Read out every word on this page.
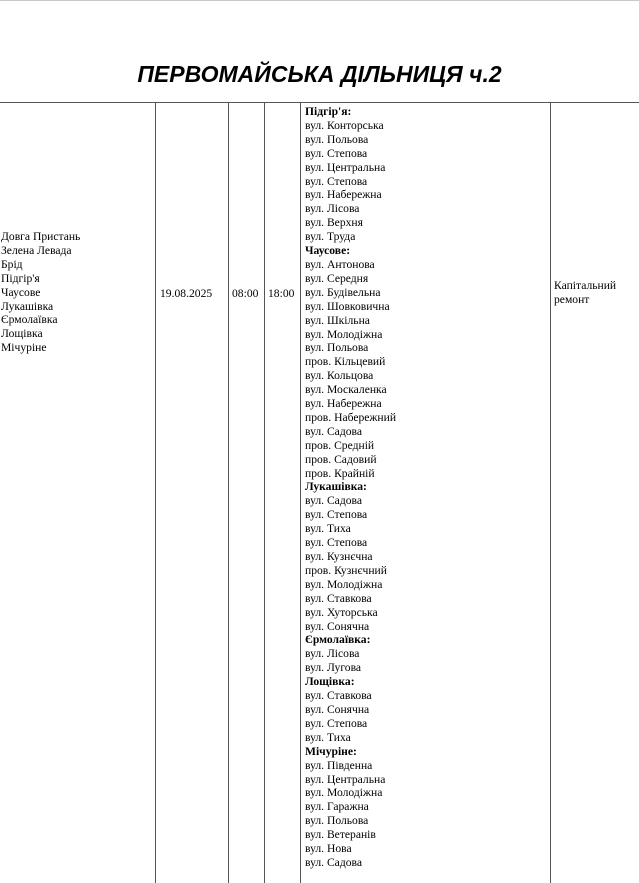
ПЕРВОМАЙСЬКА ДІЛЬНИЦЯ ч.2
Довга Пристань
Зелена Левада
Брід
Підгір'я
Чаусове
Лукашівка
Єрмолаївка
Лощівка
Мічуріне
19.08.2025 08:00 18:00
Підгір'я:
вул. Конторська
вул. Польова
вул. Степова
вул. Центральна
вул. Степова
вул. Набережна
вул. Лісова
вул. Верхня
вул. Труда
Чаусове:
вул. Антонова
вул. Середня
вул. Будівельна
вул. Шовковична
вул. Шкільна
вул. Молодіжна
вул. Польова
пров. Кільцевий
вул. Кольцова
вул. Москаленка
вул. Набережна
пров. Набережний
вул. Садова
пров. Средній
пров. Садовий
пров. Крайній
Лукашівка:
вул. Садова
вул. Степова
вул. Тиха
вул. Степова
вул. Кузнєчна
пров. Кузнєчний
вул. Молодіжна
вул. Ставкова
вул. Хуторська
вул. Сонячна
Єрмолаївка:
вул. Лісова
вул. Лугова
Лощівка:
вул. Ставкова
вул. Сонячна
вул. Степова
вул. Тиха
Мічуріне:
вул. Південна
вул. Центральна
вул. Молодіжна
вул. Гаражна
вул. Польова
вул. Ветеранів
вул. Нова
вул. Садова
Капітальний
ремонт
